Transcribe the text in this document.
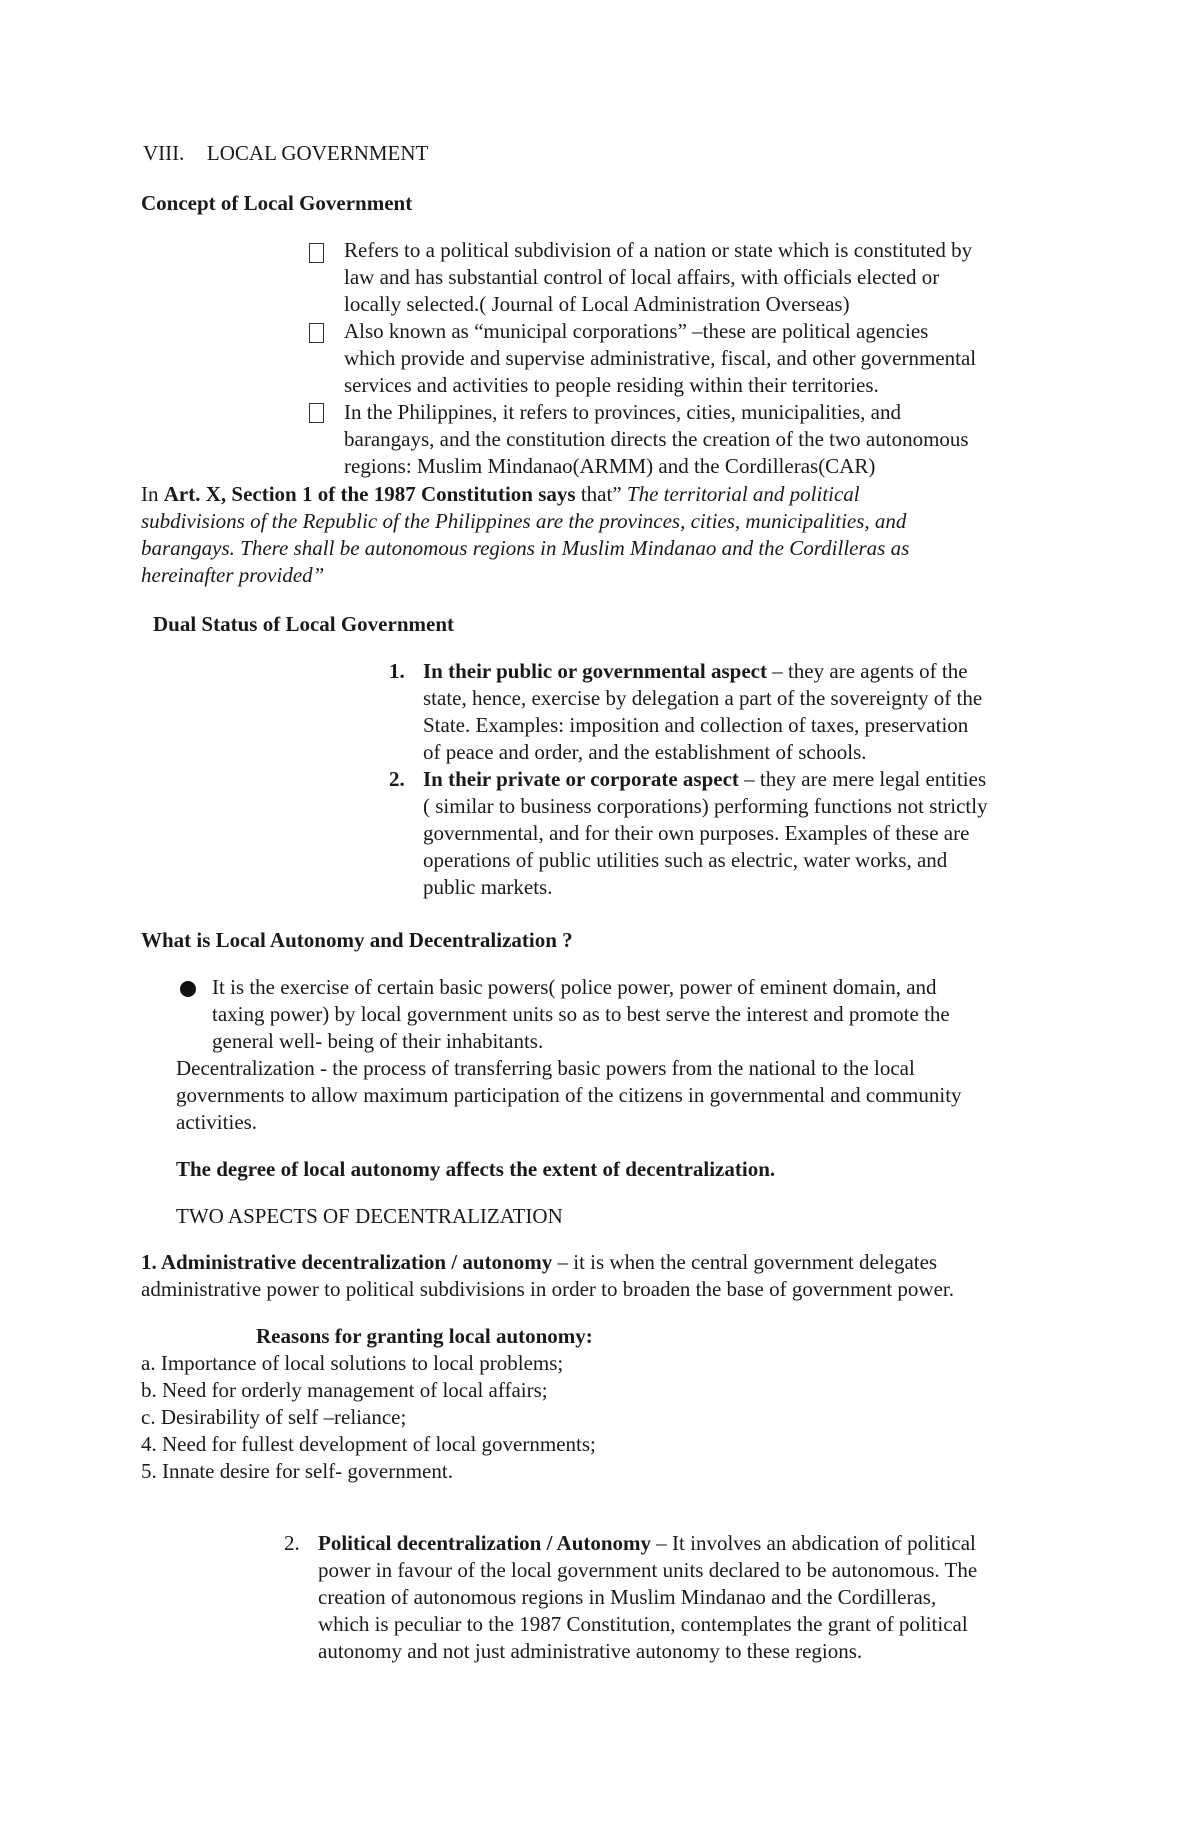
VIII. LOCAL GOVERNMENT
Concept of Local Government
Refers to a political subdivision of a nation or state which is constituted by
law and has substantial control of local affairs, with officials elected or
locally selected.( Journal of Local Administration Overseas)
Also known as “municipal corporations” –these are political agencies
which provide and supervise administrative, fiscal, and other governmental
services and activities to people residing within their territories.
In the Philippines, it refers to provinces, cities, municipalities, and
barangays, and the constitution directs the creation of the two autonomous
regions: Muslim Mindanao(ARMM) and the Cordilleras(CAR)
In Art. X, Section 1 of the 1987 Constitution says that” The territorial and political
subdivisions of the Republic of the Philippines are the provinces, cities, municipalities, and
barangays. There shall be autonomous regions in Muslim Mindanao and the Cordilleras as
hereinafter provided”
Dual Status of Local Government
1. In their public or governmental aspect – they are agents of the
state, hence, exercise by delegation a part of the sovereignty of the
State. Examples: imposition and collection of taxes, preservation
of peace and order, and the establishment of schools.
2. In their private or corporate aspect – they are mere legal entities
( similar to business corporations) performing functions not strictly
governmental, and for their own purposes. Examples of these are
operations of public utilities such as electric, water works, and
public markets.
What is Local Autonomy and Decentralization ?
It is the exercise of certain basic powers( police power, power of eminent domain, and
taxing power) by local government units so as to best serve the interest and promote the
general well- being of their inhabitants.
Decentralization - the process of transferring basic powers from the national to the local
governments to allow maximum participation of the citizens in governmental and community
activities.
The degree of local autonomy affects the extent of decentralization.
TWO ASPECTS OF DECENTRALIZATION
1. Administrative decentralization / autonomy – it is when the central government delegates
administrative power to political subdivisions in order to broaden the base of government power.
Reasons for granting local autonomy:
a. Importance of local solutions to local problems;
b. Need for orderly management of local affairs;
c. Desirability of self –reliance;
4. Need for fullest development of local governments;
5. Innate desire for self- government.
2. Political decentralization / Autonomy – It involves an abdication of political
power in favour of the local government units declared to be autonomous. The
creation of autonomous regions in Muslim Mindanao and the Cordilleras,
which is peculiar to the 1987 Constitution, contemplates the grant of political
autonomy and not just administrative autonomy to these regions.
